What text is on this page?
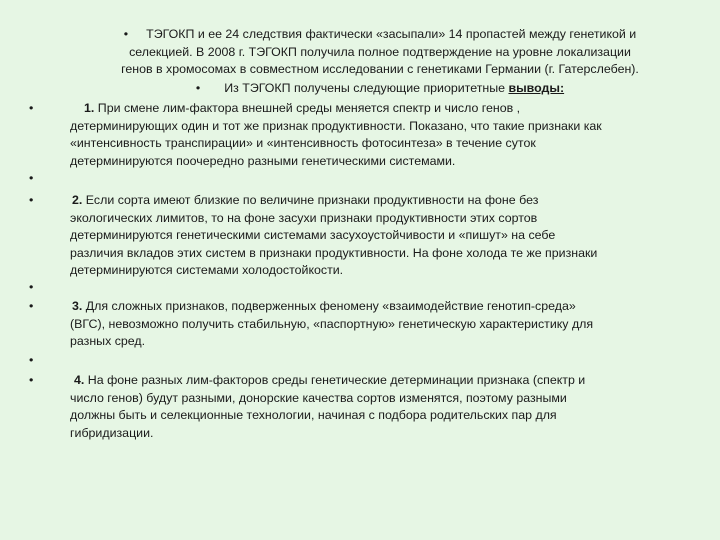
• ТЭГОКП и ее 24 следствия фактически «засыпали» 14 пропастей между генетикой и
селекцией. В 2008 г. ТЭГОКП получила полное подтверждение на уровне локализации
генов в хромосомах в совместном исследовании с генетиками Германии (г. Гатерслебен).
• Из ТЭГОКП получены следующие приоритетные выводы:
•	1. При смене лим-фактора внешней среды меняется спектр и число генов ,
детерминирующих один и тот же признак продуктивности. Показано, что такие признаки как
«интенсивность транспирации» и «интенсивность фотосинтеза» в течение суток
детерминируются поочередно разными генетическими системами.
•
•	2. Если сорта имеют близкие по величине признаки продуктивности на фоне без
экологических лимитов, то на фоне засухи признаки продуктивности этих сортов
детерминируются генетическими системами засухоустойчивости и «пишут» на себе
различия вкладов этих систем в признаки продуктивности. На фоне холода те же признаки
детерминируются системами холодостойкости.
•
•	3. Для сложных признаков, подверженных феномену «взаимодействие генотип-среда»
(ВГС), невозможно получить стабильную, «паспортную» генетическую характеристику для
разных сред.
•
•	4. На фоне разных лим-факторов среды генетические детерминации признака (спектр и
число генов) будут разными, донорские качества сортов изменятся, поэтому разными
должны быть и селекционные технологии, начиная с подбора родительских пар для
гибридизации.
